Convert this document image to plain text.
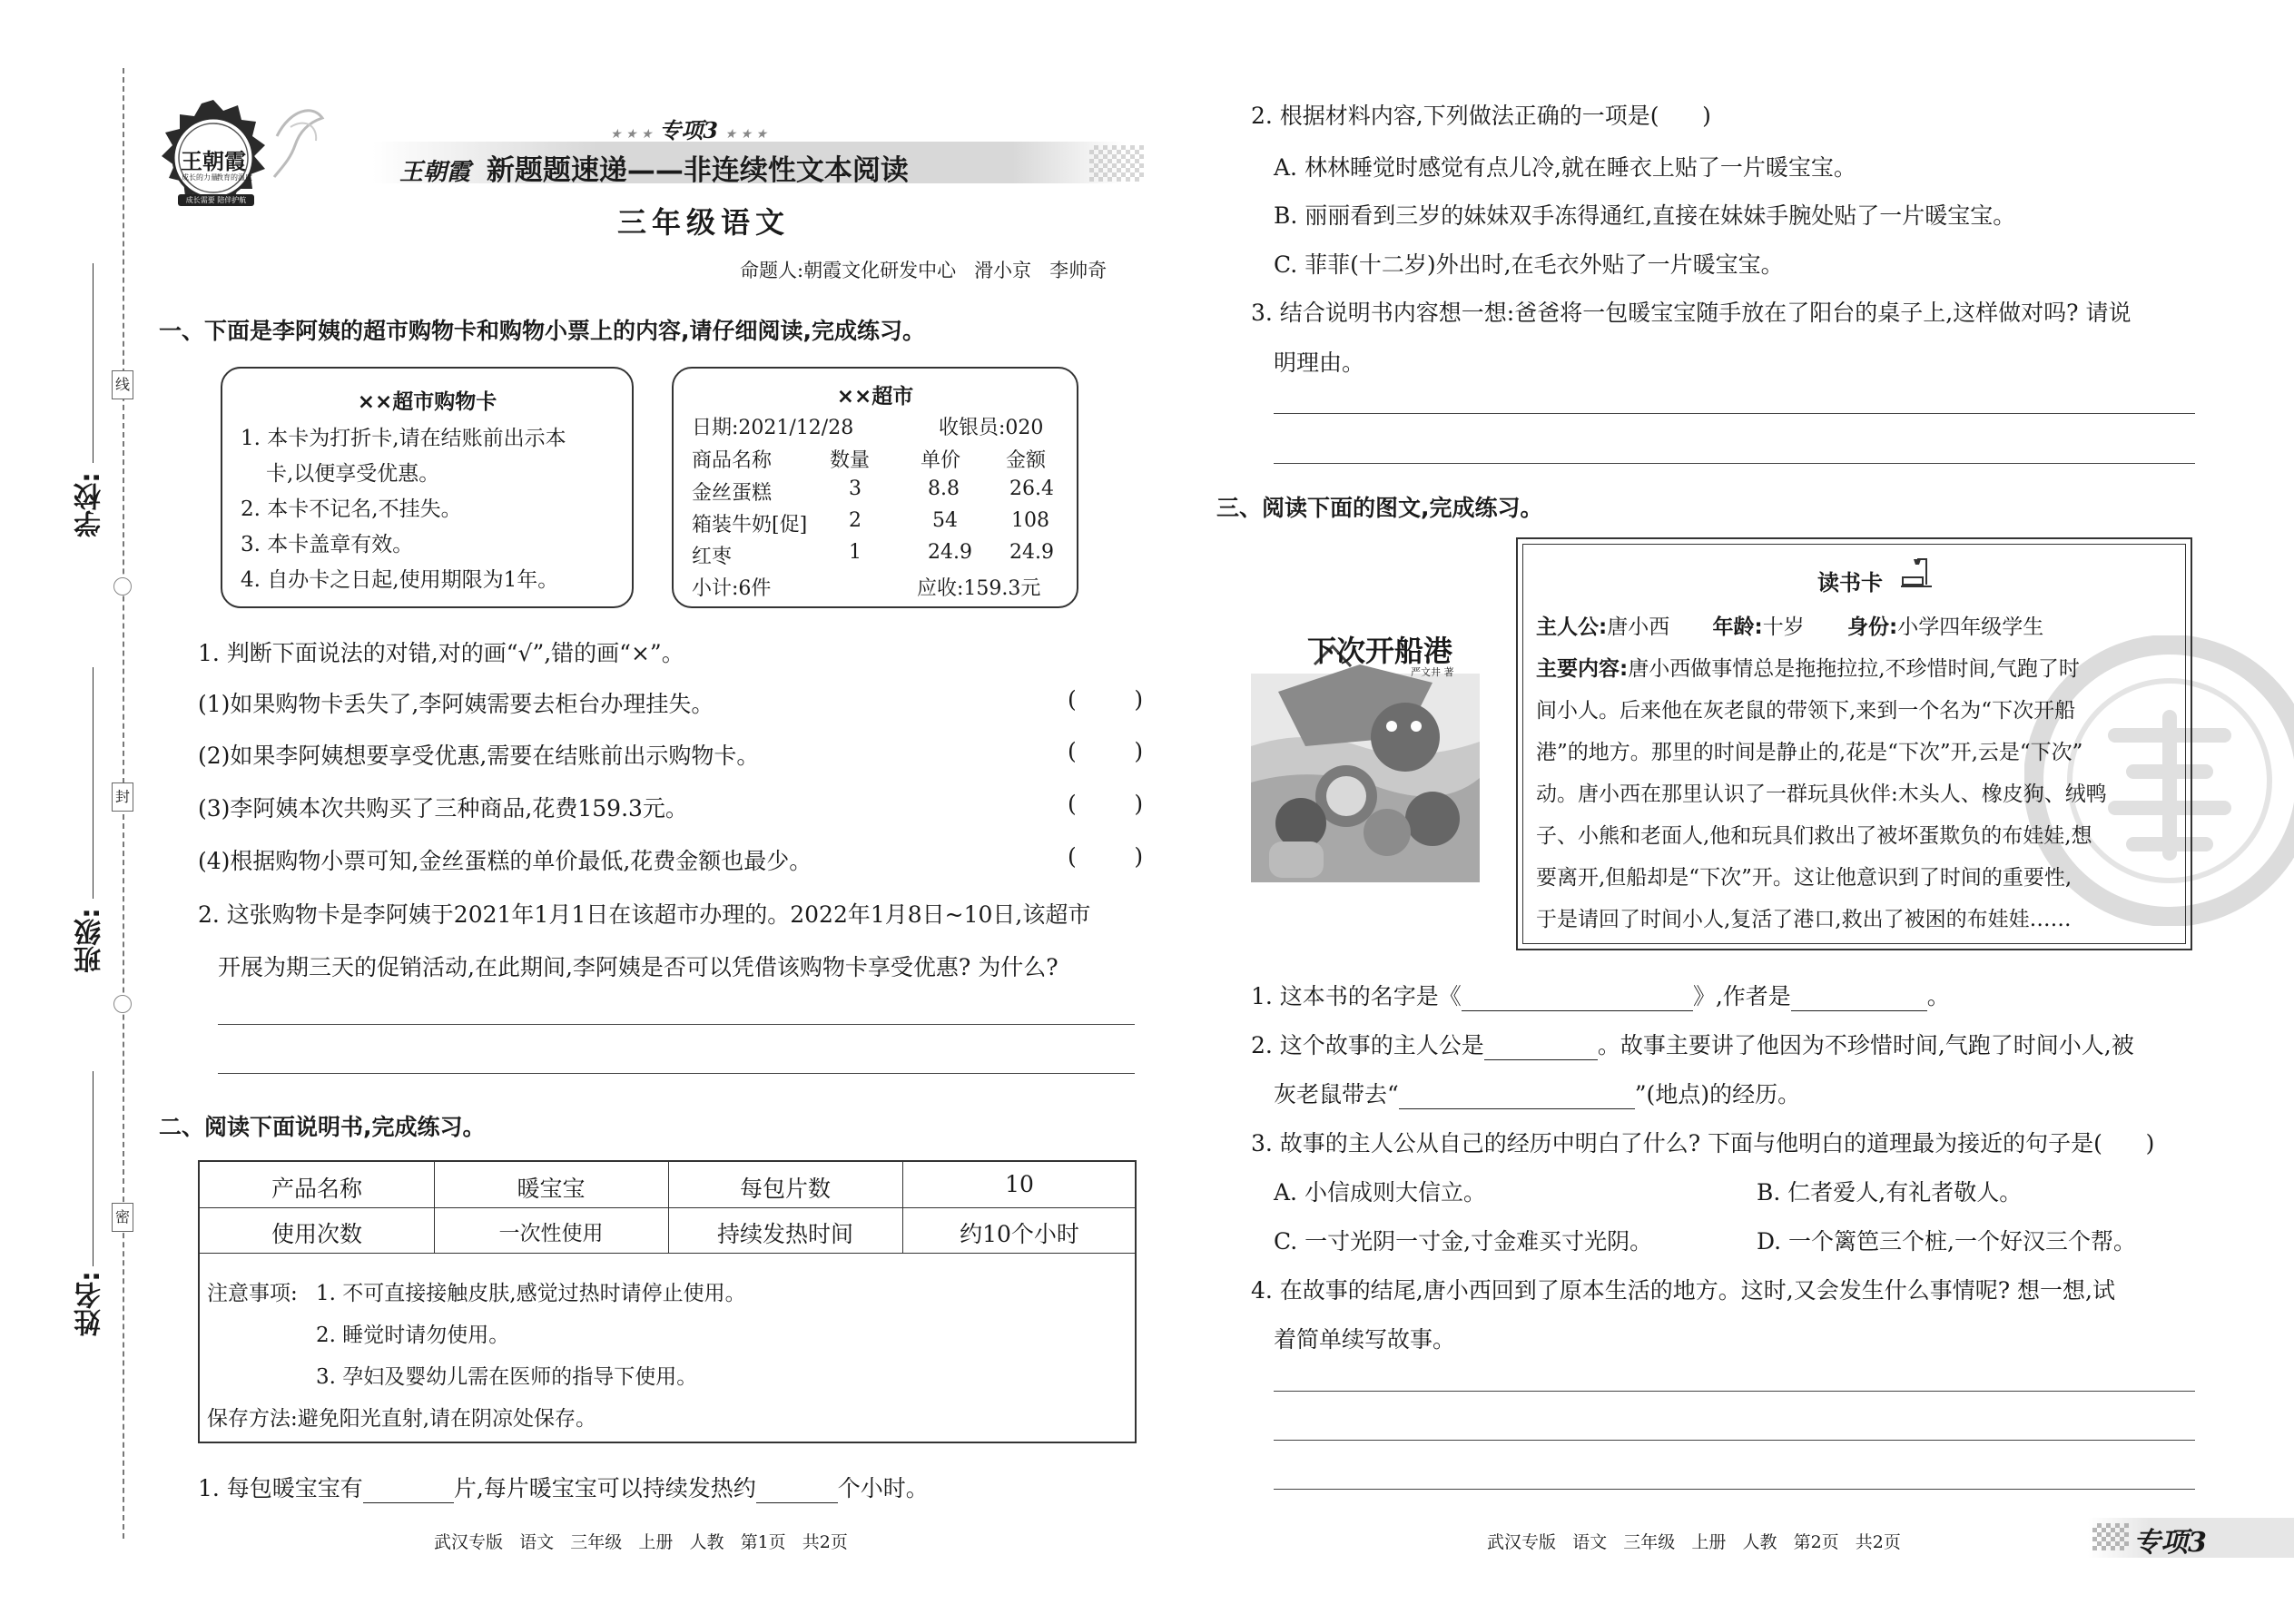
学校:
班级:
姓名:
线
封
密
王朝霞
成长的力量
教育的温度
成长需要 陪伴护航
★ ★ ★ 专项3 ★ ★ ★
王朝霞 新题题速递——非连续性文本阅读
三年级语文
命题人:朝霞文化研发中心   滑小京   李帅奇
一、下面是李阿姨的超市购物卡和购物小票上的内容,请仔细阅读,完成练习。
××超市购物卡
1. 本卡为打折卡,请在结账前出示本
卡,以便享受优惠。
2. 本卡不记名,不挂失。
3. 本卡盖章有效。
4. 自办卡之日起,使用期限为1年。
××超市
日期:2021/12/28	收银员:020
商品名称	数量	单价 金额
金丝蛋糕	3	8.8	26.4
箱装牛奶[促] 2	54	108
红枣	1	24.9 24.9
小计:6件	应收:159.3元
1. 判断下面说法的对错,对的画“√”,错的画“×”。
(1)如果购物卡丢失了,李阿姨需要去柜台办理挂失。	(        )
(2)如果李阿姨想要享受优惠,需要在结账前出示购物卡。	(        )
(3)李阿姨本次共购买了三种商品,花费159.3元。	(        )
(4)根据购物小票可知,金丝蛋糕的单价最低,花费金额也最少。	(        )
2. 这张购物卡是李阿姨于2021年1月1日在该超市办理的。2022年1月8日~10日,该超市
开展为期三天的促销活动,在此期间,李阿姨是否可以凭借该购物卡享受优惠? 为什么?
二、阅读下面说明书,完成练习。
产品名称	暖宝宝	每包片数	10
使用次数	一次性使用	持续发热时间	约10个小时
注意事项: 1. 不可直接接触皮肤,感觉过热时请停止使用。
2. 睡觉时请勿使用。
3. 孕妇及婴幼儿需在医师的指导下使用。
保存方法:避免阳光直射,请在阴凉处保存。
1. 每包暖宝宝有	片,每片暖宝宝可以持续发热约	个小时。
武汉专版   语文   三年级   上册   人教   第1页   共2页	武汉专版   语文   三年级   上册   人教   第2页   共2页	专项3
2. 根据材料内容,下列做法正确的一项是(      )
A. 林林睡觉时感觉有点儿冷,就在睡衣上贴了一片暖宝宝。
B. 丽丽看到三岁的妹妹双手冻得通红,直接在妹妹手腕处贴了一片暖宝宝。
C. 菲菲(十二岁)外出时,在毛衣外贴了一片暖宝宝。
3. 结合说明书内容想一想:爸爸将一包暖宝宝随手放在了阳台的桌子上,这样做对吗? 请说
明理由。
三、阅读下面的图文,完成练习。
下次开船港
严文井 著
读书卡
主人公:唐小西 年龄:十岁 身份:小学四年级学生
主要内容:唐小西做事情总是拖拖拉拉,不珍惜时间,气跑了时
间小人。后来他在灰老鼠的带领下,来到一个名为“下次开船
港”的地方。那里的时间是静止的,花是“下次”开,云是“下次”
动。唐小西在那里认识了一群玩具伙伴:木头人、橡皮狗、绒鸭
子、小熊和老面人,他和玩具们救出了被坏蛋欺负的布娃娃,想
要离开,但船却是“下次”开。这让他意识到了时间的重要性,
于是请回了时间小人,复活了港口,救出了被困的布娃娃……
1. 这本书的名字是《	》,作者是	。
2. 这个故事的主人公是	。故事主要讲了他因为不珍惜时间,气跑了时间小人,被
灰老鼠带去“	”(地点)的经历。
3. 故事的主人公从自己的经历中明白了什么? 下面与他明白的道理最为接近的句子是(      )
A. 小信成则大信立。	B. 仁者爱人,有礼者敬人。
C. 一寸光阴一寸金,寸金难买寸光阴。	D. 一个篱笆三个桩,一个好汉三个帮。
4. 在故事的结尾,唐小西回到了原本生活的地方。这时,又会发生什么事情呢? 想一想,试
着简单续写故事。
